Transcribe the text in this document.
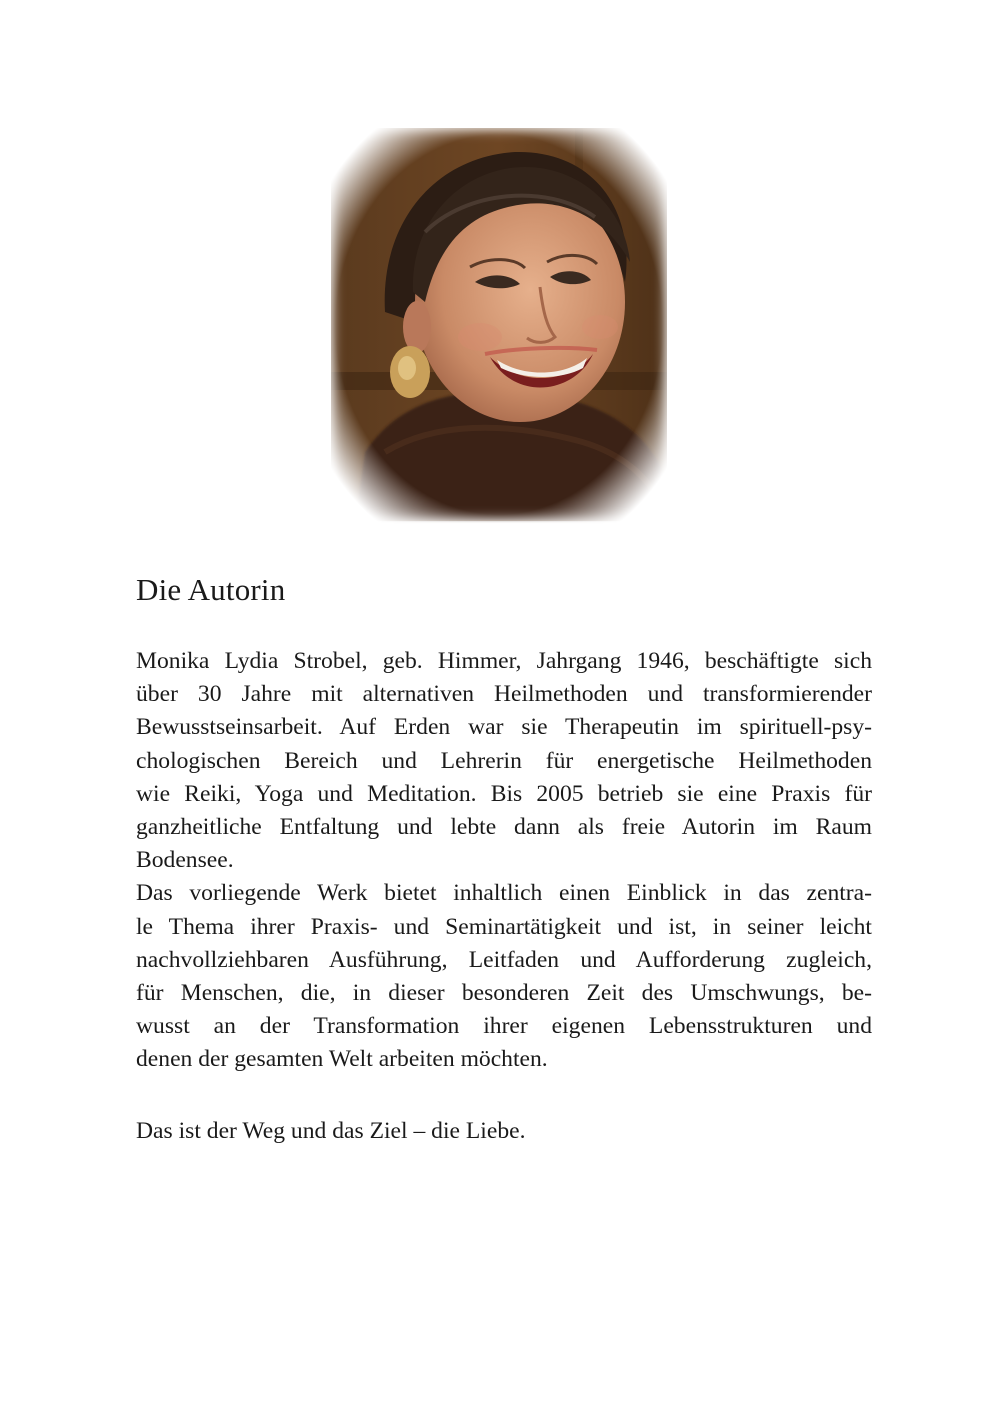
Die Autorin

Monika Lydia Strobel, geb. Himmer, Jahrgang 1946, beschäftigte sich
über 30 Jahre mit alternativen Heilmethoden und transformierender
Bewusstseinsarbeit. Auf Erden war sie Therapeutin im spirituell-psy-
chologischen Bereich und Lehrerin für energetische Heilmethoden
wie Reiki, Yoga und Meditation. Bis 2005 betrieb sie eine Praxis für
ganzheitliche Entfaltung und lebte dann als freie Autorin im Raum
Bodensee.

Das vorliegende Werk bietet inhaltlich einen Einblick in das zentra-
le Thema ihrer Praxis- und Seminartätigkeit und ist, in seiner leicht
nachvollziehbaren Ausführung, Leitfaden und Aufforderung zugleich,
für Menschen, die, in dieser besonderen Zeit des Umschwungs, be-
wusst an der Transformation ihrer eigenen Lebensstrukturen und
denen der gesamten Welt arbeiten möchten.

Das ist der Weg und das Ziel – die Liebe.
